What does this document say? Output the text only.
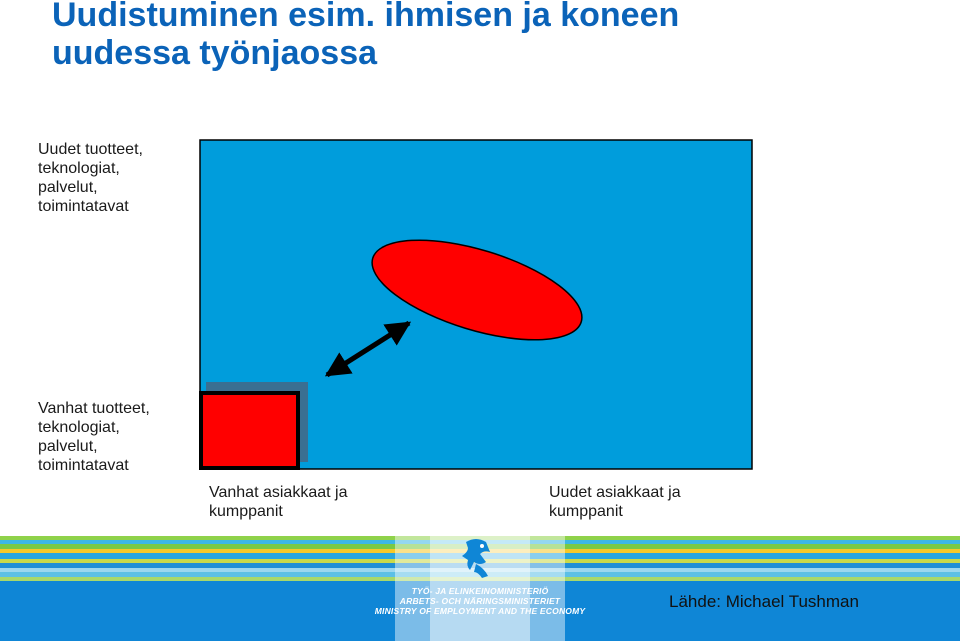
Uudistuminen esim. ihmisen ja koneen
uudessa työnjaossa
Uudet tuotteet,
teknologiat,
palvelut,
toimintatavat
Vanhat tuotteet,
teknologiat,
palvelut,
toimintatavat
Vanhat asiakkaat ja
kumppanit
Uudet asiakkaat ja
kumppanit
TYÖ- JA ELINKEINOMINISTERIÖ
ARBETS- OCH NÄRINGSMINISTERIET
MINISTRY OF EMPLOYMENT AND THE ECONOMY	Lähde: Michael Tushman
